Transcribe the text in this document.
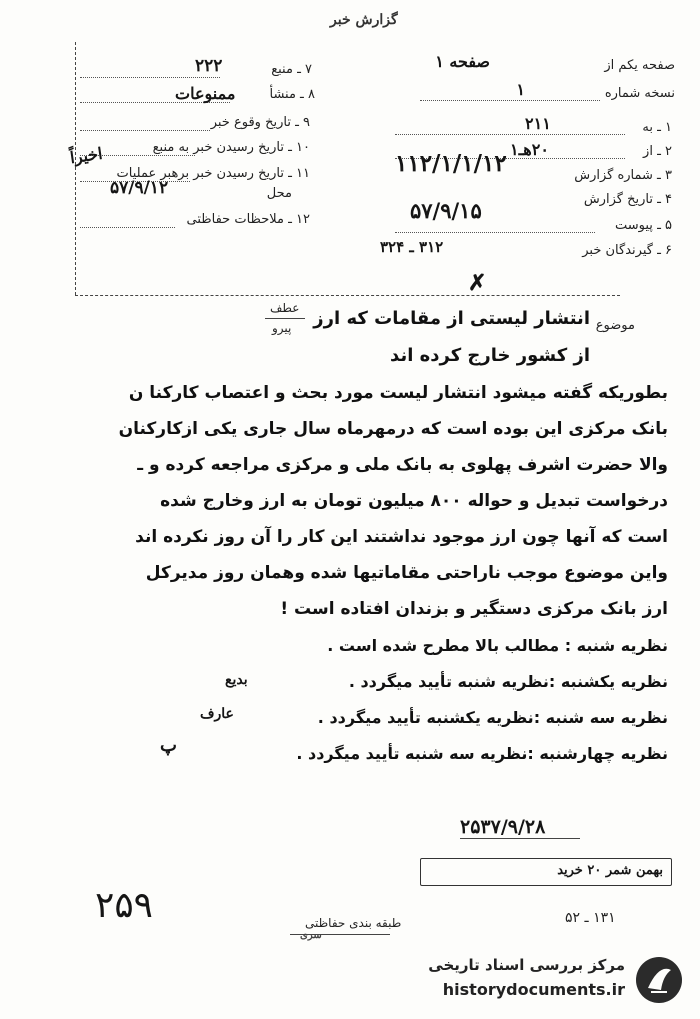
گزارش خبر
صفحه یکم از
صفحه ۱
نسخه شماره
۱
۷ ـ منبع
۲۲۲
۸ ـ منشأ
ممنوعات
۹ ـ تاریخ وقوع خبر
۱۰ ـ تاریخ رسیدن خبر به منبع
۱۱ ـ تاریخ رسیدن خبر برهبر عملیات
اخیراً
محل
۵۷/۹/۱۲
۱۲ ـ ملاحظات حفاظتی
۱ ـ به
۲۱۱
۲ ـ از
۲۰هـ۱
۳ ـ شماره گزارش
۱۱۲/۱/۱/۱۲
۴ ـ تاریخ گزارش
۵۷/۹/۱۵
۵ ـ پیوست
۶ ـ گیرندگان خبر
۳۱۲ ـ ۳۲۴
✗
موضوع
انتشار لیستی از مقامات که ارز
از کشور خارج کرده اند
عطف
پیرو
بطوریکه گفته میشود انتشار لیست مورد بحث و اعتصاب کارکنا ن
بانک مرکزی این بوده است که درمهرماه سال جاری یکی ازکارکنان
والا حضرت اشرف پهلوی به بانک ملی و مرکزی مراجعه کرده و ـ
درخواست تبدیل و حواله ۸۰۰ میلیون تومان به ارز وخارج شده
است که آنها چون ارز موجود نداشتند این کار را آن روز نکرده اند
واین موضوع موجب ناراحتی مقاماتیها شده وهمان روز مدیرکل
ارز بانک مرکزی دستگیر و بزندان افتاده است !
نظریه شنبه : مطالب بالا مطرح شده است .
نظریه یکشنبه :نظریه شنبه تأیید میگردد .
بدیع
نظریه سه شنبه :نظریه یکشنبه تأیید میگردد .
عارف
نظریه چهارشنبه :نظریه سه شنبه تأیید میگردد .
پ
۲۵۳۷/۹/۲۸
بهمن شمر ۲۰ خرید
۲۵۹	طبقه بندی حفاظتی
سری
۱۳۱ ـ ۵۲
مرکز بررسی اسناد تاریخی
historydocuments.ir
